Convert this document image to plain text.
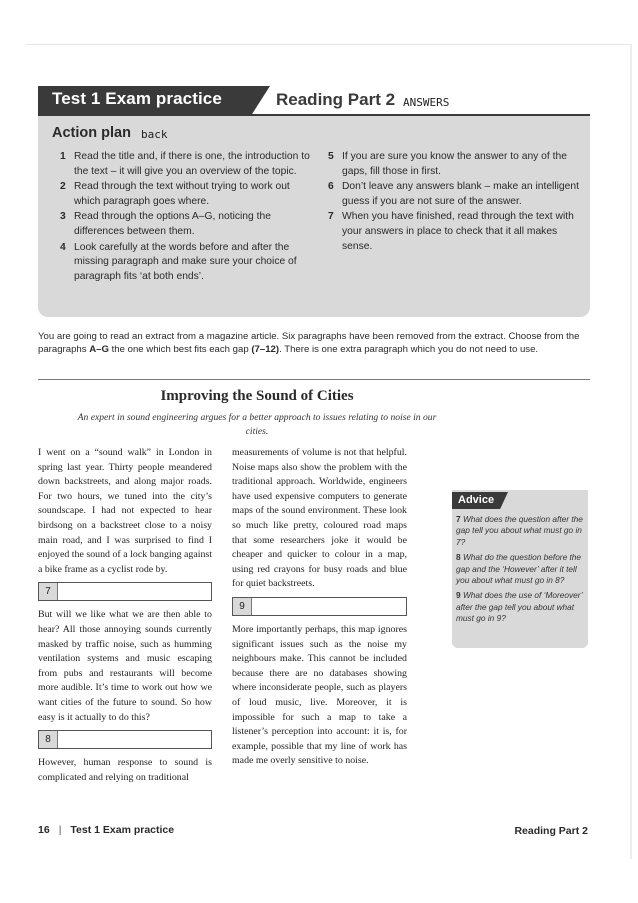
Test 1 Exam practice	Reading Part 2 ANSWERS
Action plan back
1 Read the title and, if there is one, the introduction to the text – it will give you an overview of the topic.
2 Read through the text without trying to work out which paragraph goes where.
3 Read through the options A–G, noticing the differences between them.
4 Look carefully at the words before and after the missing paragraph and make sure your choice of paragraph fits ‘at both ends’.
5 If you are sure you know the answer to any of the gaps, fill those in first.
6 Don’t leave any answers blank – make an intelligent guess if you are not sure of the answer.
7 When you have finished, read through the text with your answers in place to check that it all makes sense.
You are going to read an extract from a magazine article. Six paragraphs have been removed from the extract. Choose from the paragraphs A–G the one which best fits each gap (7–12). There is one extra paragraph which you do not need to use.
Improving the Sound of Cities
An expert in sound engineering argues for a better approach to issues relating to noise in our cities.

I went on a “sound walk” in London in spring last year. Thirty people meandered down backstreets, and along major roads. For two hours, we tuned into the city’s soundscape. I had not expected to hear birdsong on a backstreet close to a noisy main road, and I was surprised to find I enjoyed the sound of a lock banging against a bike frame as a cyclist rode by.

7

But will we like what we are then able to hear? All those annoying sounds currently masked by traffic noise, such as humming ventilation systems and music escaping from pubs and restaurants will become more audible. It’s time to work out how we want cities of the future to sound. So how easy is it actually to do this?

8

However, human response to sound is complicated and relying on traditional

measurements of volume is not that helpful. Noise maps also show the problem with the traditional approach. Worldwide, engineers have used expensive computers to generate maps of the sound environment. These look so much like pretty, coloured road maps that some researchers joke it would be cheaper and quicker to colour in a map, using red crayons for busy roads and blue for quiet backstreets.

9

More importantly perhaps, this map ignores significant issues such as the noise my neighbours make. This cannot be included because there are no databases showing where inconsiderate people, such as players of loud music, live. Moreover, it is impossible for such a map to take a listener’s perception into account: it is, for example, possible that my line of work has made me overly sensitive to noise.

Advice
7 What does the question after the gap tell you about what must go in 7?
8 What do the question before the gap and the ‘However’ after it tell you about what must go in 8?
9 What does the use of ‘Moreover’ after the gap tell you about what must go in 9?
16 | Test 1 Exam practice	Reading Part 2
